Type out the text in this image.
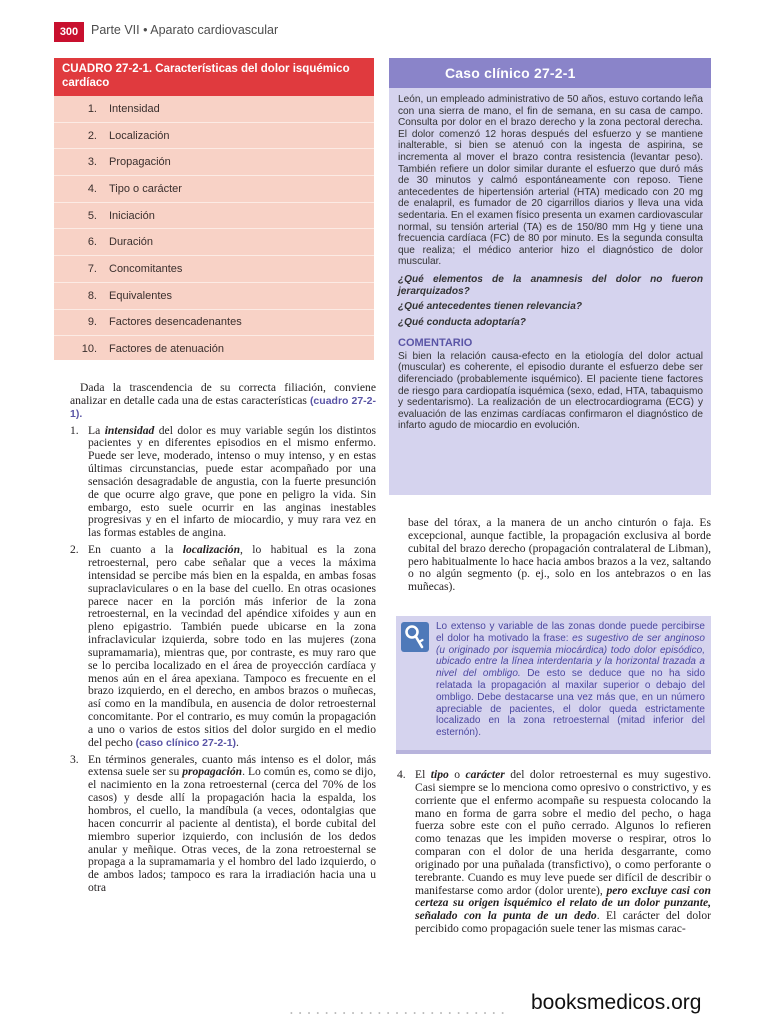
300	Parte VII • Aparato cardiovascular
CUADRO 27-2-1. Características del dolor isquémico cardíaco
1.	Intensidad
2.	Localización
3.	Propagación
4.	Tipo o carácter
5.	Iniciación
6.	Duración
7.	Concomitantes
8.	Equivalentes
9.	Factores desencadenantes
10.	Factores de atenuación
Caso clínico 27-2-1

León, un empleado administrativo de 50 años, estuvo cortando leña con una sierra de mano, el fin de semana, en su casa de campo. Consulta por dolor en el brazo derecho y la zona pectoral derecha. El dolor comenzó 12 horas después del esfuerzo y se mantiene inalterable, si bien se atenuó con la ingesta de aspirina, se incrementa al mover el brazo contra resistencia (levantar peso). También refiere un dolor similar durante el esfuerzo que duró más de 30 minutos y calmó espontáneamente con reposo. Tiene antecedentes de hipertensión arterial (HTA) medicado con 20 mg de enalapril, es fumador de 20 cigarrillos diarios y lleva una vida sedentaria. En el examen físico presenta un examen cardiovascular normal, su tensión arterial (TA) es de 150/80 mm Hg y tiene una frecuencia cardíaca (FC) de 80 por minuto. Es la segunda consulta que realiza; el médico anterior hizo el diagnóstico de dolor muscular.

¿Qué elementos de la anamnesis del dolor no fueron jerarquizados?

¿Qué antecedentes tienen relevancia?

¿Qué conducta adoptaría?

COMENTARIO

Si bien la relación causa-efecto en la etiología del dolor actual (muscular) es coherente, el episodio durante el esfuerzo debe ser diferenciado (probablemente isquémico). El paciente tiene factores de riesgo para cardiopatía isquémica (sexo, edad, HTA, tabaquismo y sedentarismo). La realización de un electrocardiograma (ECG) y evaluación de las enzimas cardíacas confirmaron el diagnóstico de infarto agudo de miocardio en evolución.

Dada la trascendencia de su correcta filiación, conviene analizar en detalle cada una de estas características (cuadro 27-2-1).

1. La intensidad del dolor es muy variable según los distintos pacientes y en diferentes episodios en el mismo enfermo. Puede ser leve, moderado, intenso o muy intenso, y en estas últimas circunstancias, puede estar acompañado por una sensación desagradable de angustia, con la fuerte presunción de que ocurre algo grave, que pone en peligro la vida. Sin embargo, esto suele ocurrir en las anginas inestables progresivas y en el infarto de miocardio, y muy rara vez en las formas estables de angina.

2. En cuanto a la localización, lo habitual es la zona retroesternal, pero cabe señalar que a veces la máxima intensidad se percibe más bien en la espalda, en ambas fosas supraclaviculares o en la base del cuello. En otras ocasiones parece nacer en la porción más inferior de la zona retroesternal, en la vecindad del apéndice xifoides y aun en pleno epigastrio. También puede ubicarse en la zona infraclavicular izquierda, sobre todo en las mujeres (zona supramamaria), mientras que, por contraste, es muy raro que se lo perciba localizado en el área de proyección cardíaca y menos aún en el área apexiana. Tampoco es frecuente en el brazo izquierdo, en el derecho, en ambos brazos o muñecas, así como en la mandíbula, en ausencia de dolor retroesternal concomitante. Por el contrario, es muy común la propagación a uno o varios de estos sitios del dolor surgido en el medio del pecho (caso clínico 27-2-1).

3. En términos generales, cuanto más intenso es el dolor, más extensa suele ser su propagación. Lo común es, como se dijo, el nacimiento en la zona retroesternal (cerca del 70% de los casos) y desde allí la propagación hacia la espalda, los hombros, el cuello, la mandíbula (a veces, odontalgias que hacen concurrir al paciente al dentista), el borde cubital del miembro superior izquierdo, con inclusión de los dedos anular y meñique. Otras veces, de la zona retroesternal se propaga a la supramamaria y el hombro del lado izquierdo, o de ambos lados; tampoco es rara la irradiación hacia una u otra

base del tórax, a la manera de un ancho cinturón o faja. Es excepcional, aunque factible, la propagación exclusiva al borde cubital del brazo derecho (propagación contralateral de Libman), pero habitualmente lo hace hacia ambos brazos a la vez, saltando o no algún segmento (p. ej., solo en los antebrazos o en las muñecas).

Lo extenso y variable de las zonas donde puede percibirse el dolor ha motivado la frase: es sugestivo de ser anginoso (u originado por isquemia miocárdica) todo dolor episódico, ubicado entre la línea interdentaria y la horizontal trazada a nivel del ombligo. De esto se deduce que no ha sido relatada la propagación al maxilar superior o debajo del ombligo. Debe destacarse una vez más que, en un número apreciable de pacientes, el dolor queda estrictamente localizado en la zona retroesternal (mitad inferior del esternón).

4. El tipo o carácter del dolor retroesternal es muy sugestivo. Casi siempre se lo menciona como opresivo o constrictivo, y es corriente que el enfermo acompañe su respuesta colocando la mano en forma de garra sobre el medio del pecho, o haga fuerza sobre este con el puño cerrado. Algunos lo refieren como tenazas que les impiden moverse o respirar, otros lo comparan con el dolor de una herida desgarrante, como originado por una puñalada (transfictivo), o como perforante o terebrante. Cuando es muy leve puede ser difícil de describir o manifestarse como ardor (dolor urente), pero excluye casi con certeza su origen isquémico el relato de un dolor punzante, señalado con la punta de un dedo. El carácter del dolor percibido como propagación suele tener las mismas carac-

• • • • • • • • • • • • • • • • • • • • • • • • • booksmedicos.org
